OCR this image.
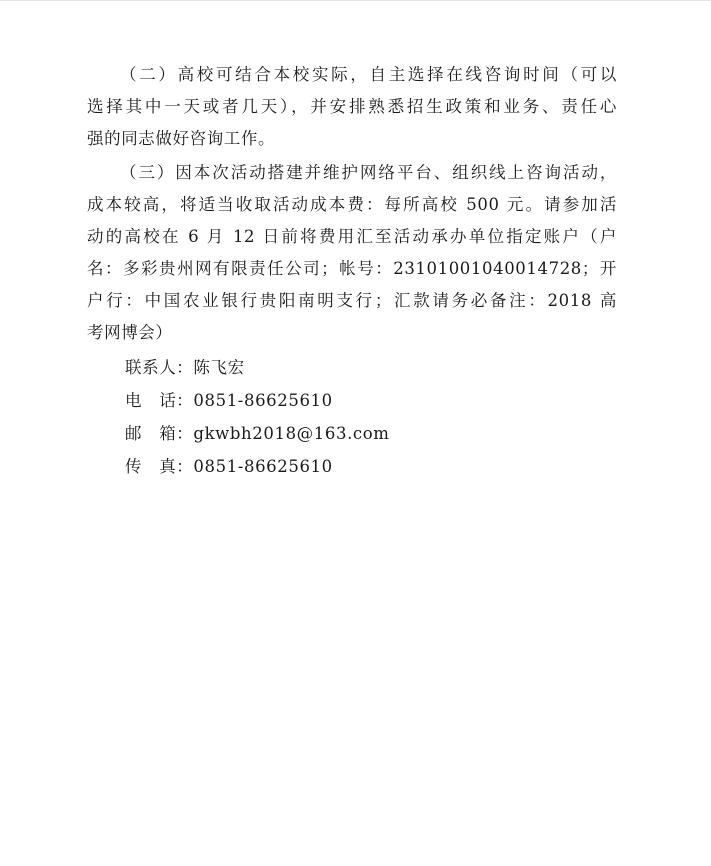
（二）高校可结合本校实际，自主选择在线咨询时间（可以
选择其中一天或者几天），并安排熟悉招生政策和业务、责任心
强的同志做好咨询工作。
（三）因本次活动搭建并维护网络平台、组织线上咨询活动，
成本较高，将适当收取活动成本费：每所高校 500 元。请参加活
动的高校在 6 月 12 日前将费用汇至活动承办单位指定账户（户
名：多彩贵州网有限责任公司；帐号：23101001040014728；开
户行：中国农业银行贵阳南明支行；汇款请务必备注：2018 高
考网博会）
联系人：陈飞宏
电　话：0851-86625610
邮　箱：gkwbh2018@163.com
传　真：0851-86625610
